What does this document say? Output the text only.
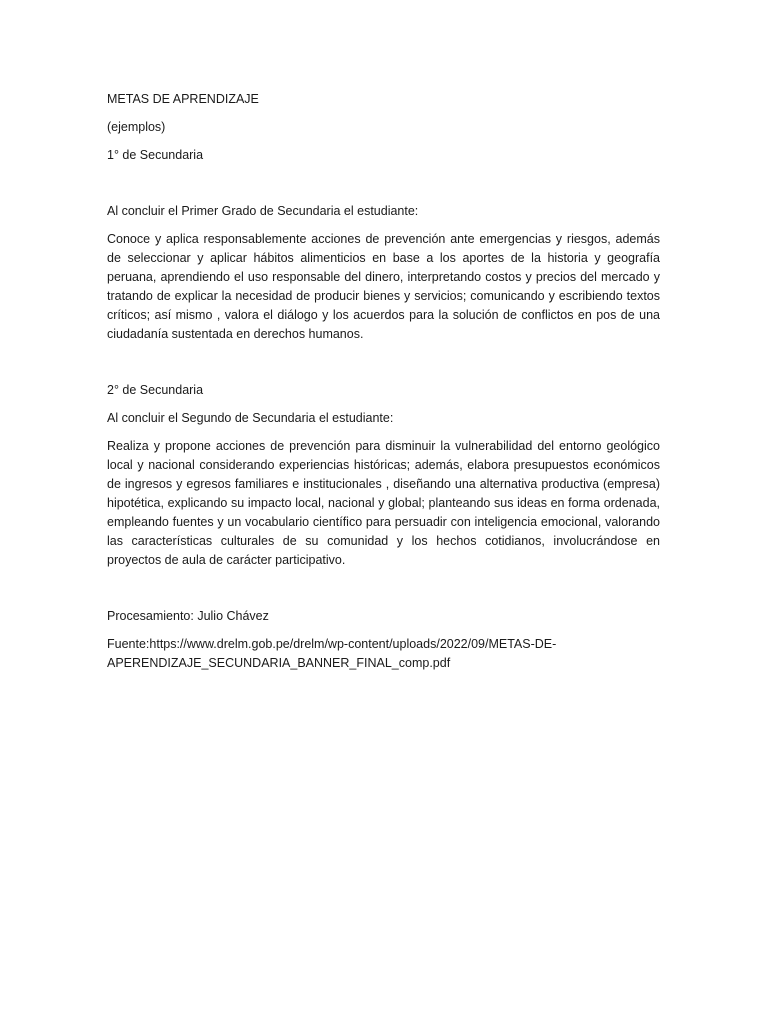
METAS DE APRENDIZAJE

(ejemplos)

1° de Secundaria

Al concluir el Primer Grado de Secundaria el estudiante:

Conoce y aplica responsablemente acciones de prevención ante emergencias y riesgos, además de seleccionar y aplicar hábitos alimenticios en base a los aportes de la historia y geografía peruana, aprendiendo el uso responsable del dinero, interpretando costos y precios del mercado y tratando de explicar la necesidad de producir bienes y servicios; comunicando y escribiendo textos críticos; así mismo , valora el diálogo y los acuerdos para la solución de conflictos en pos de una ciudadanía sustentada en derechos humanos.

2° de Secundaria

Al concluir el Segundo de Secundaria el estudiante:

Realiza y propone acciones de prevención para disminuir la vulnerabilidad del entorno geológico local y nacional considerando experiencias históricas; además, elabora presupuestos económicos de ingresos y egresos familiares e institucionales , diseñando una alternativa productiva (empresa) hipotética, explicando su impacto local, nacional y global; planteando sus ideas en forma ordenada, empleando fuentes y un vocabulario científico para persuadir con inteligencia emocional, valorando las características culturales de su comunidad y los hechos cotidianos, involucrándose en proyectos de aula de carácter participativo.

Procesamiento: Julio Chávez

Fuente:https://www.drelm.gob.pe/drelm/wp-content/uploads/2022/09/METAS-DE-

APERENDIZAJE_SECUNDARIA_BANNER_FINAL_comp.pdf
